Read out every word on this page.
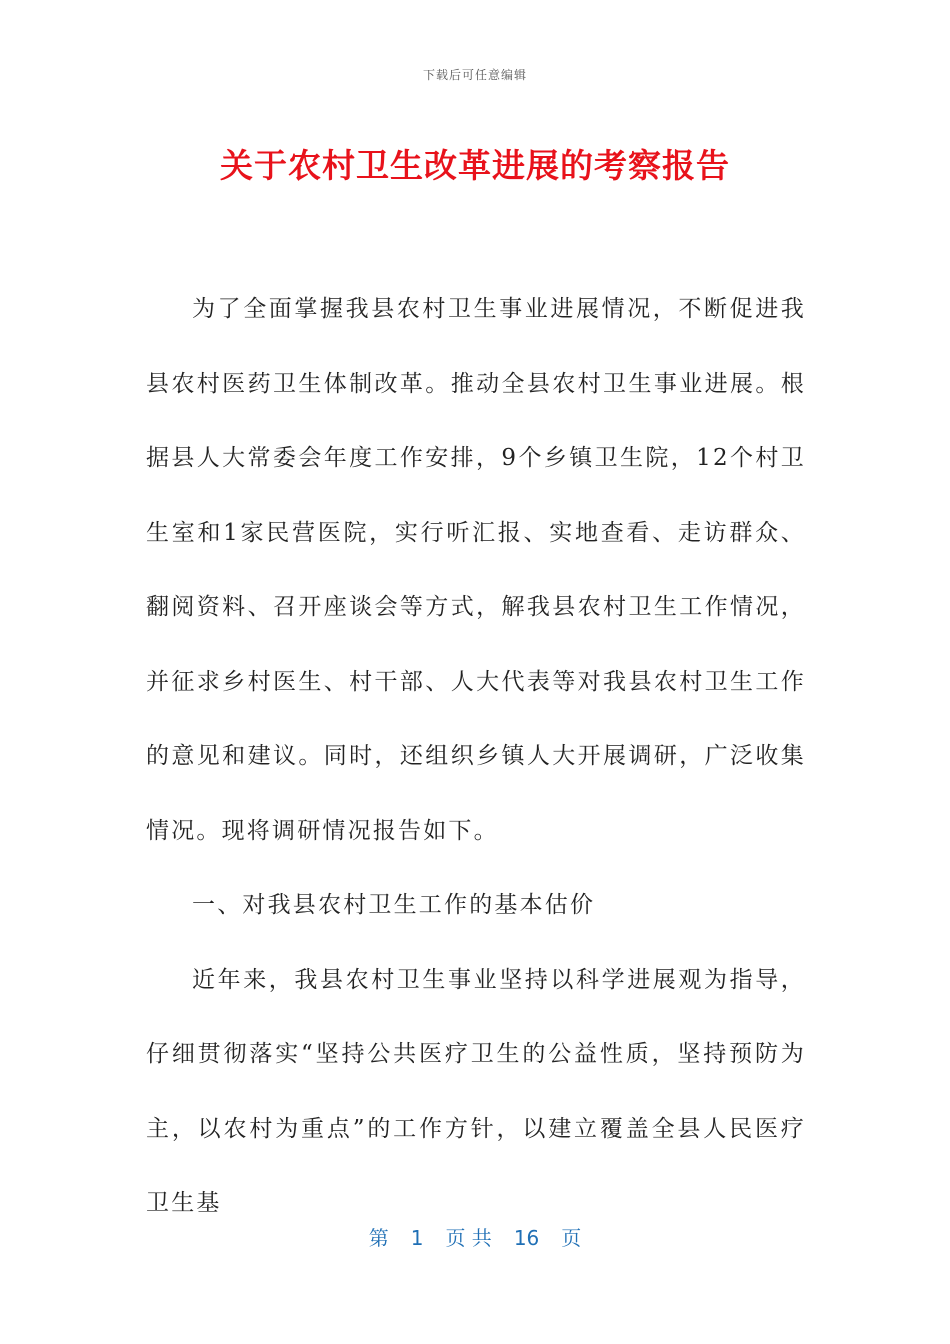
下载后可任意编辑
关于农村卫生改革进展的考察报告

为了全面掌握我县农村卫生事业进展情况，不断促进我县农村医药卫生体制改革。推动全县农村卫生事业进展。根据县人大常委会年度工作安排，9个乡镇卫生院，12个村卫生室和1家民营医院，实行听汇报、实地查看、走访群众、翻阅资料、召开座谈会等方式，解我县农村卫生工作情况，并征求乡村医生、村干部、人大代表等对我县农村卫生工作的意见和建议。同时，还组织乡镇人大开展调研，广泛收集情况。现将调研情况报告如下。

一、对我县农村卫生工作的基本估价

近年来，我县农村卫生事业坚持以科学进展观为指导，仔细贯彻落实“坚持公共医疗卫生的公益性质，坚持预防为主，以农村为重点”的工作方针，以建立覆盖全县人民医疗卫生基

第 1 页 共 16 页
